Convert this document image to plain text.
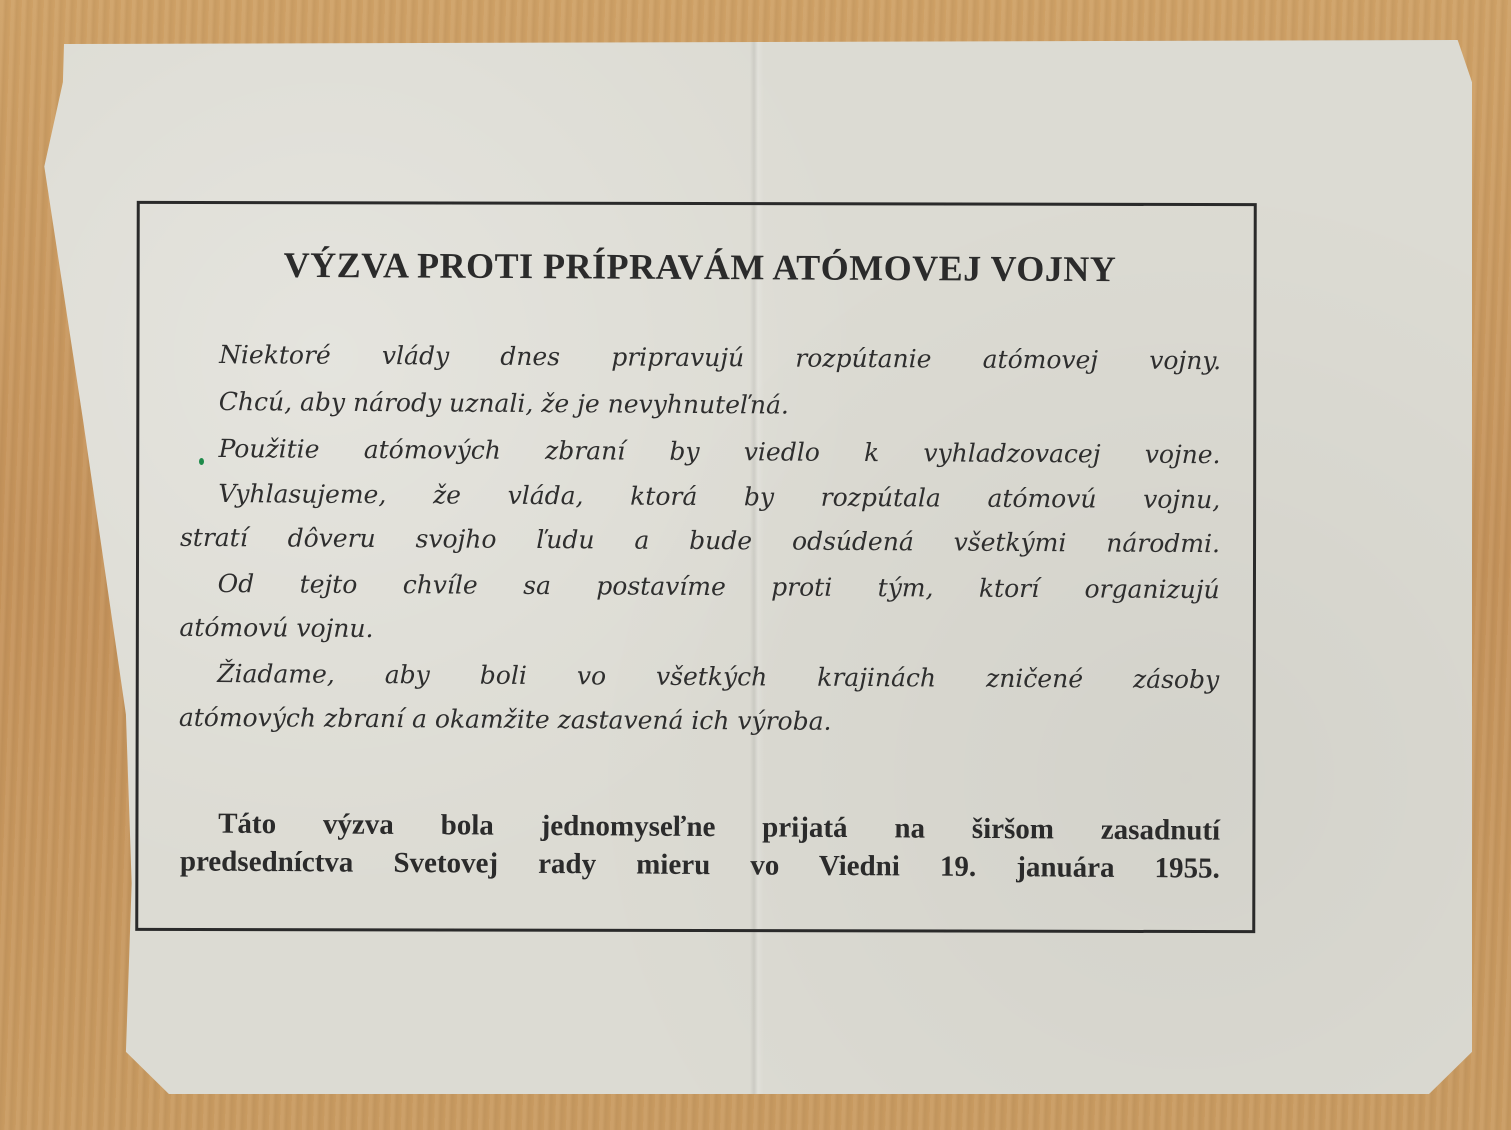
VÝZVA PROTI PRÍPRAVÁM ATÓMOVEJ VOJNY
Niektoré vlády dnes pripravujú rozpútanie atómovej vojny.
Chcú, aby národy uznali, že je nevyhnuteľná.
Použitie atómových zbraní by viedlo k vyhladzovacej vojne.
Vyhlasujeme, že vláda, ktorá by rozpútala atómovú vojnu,
stratí dôveru svojho ľudu a bude odsúdená všetkými národmi.
Od tejto chvíle sa postavíme proti tým, ktorí organizujú
atómovú vojnu.
Žiadame, aby boli vo všetkých krajinách zničené zásoby
atómových zbraní a okamžite zastavená ich výroba.
Táto výzva bola jednomyseľne prijatá na širšom zasadnutí
predsedníctva Svetovej rady mieru vo Viedni 19. januára 1955.
